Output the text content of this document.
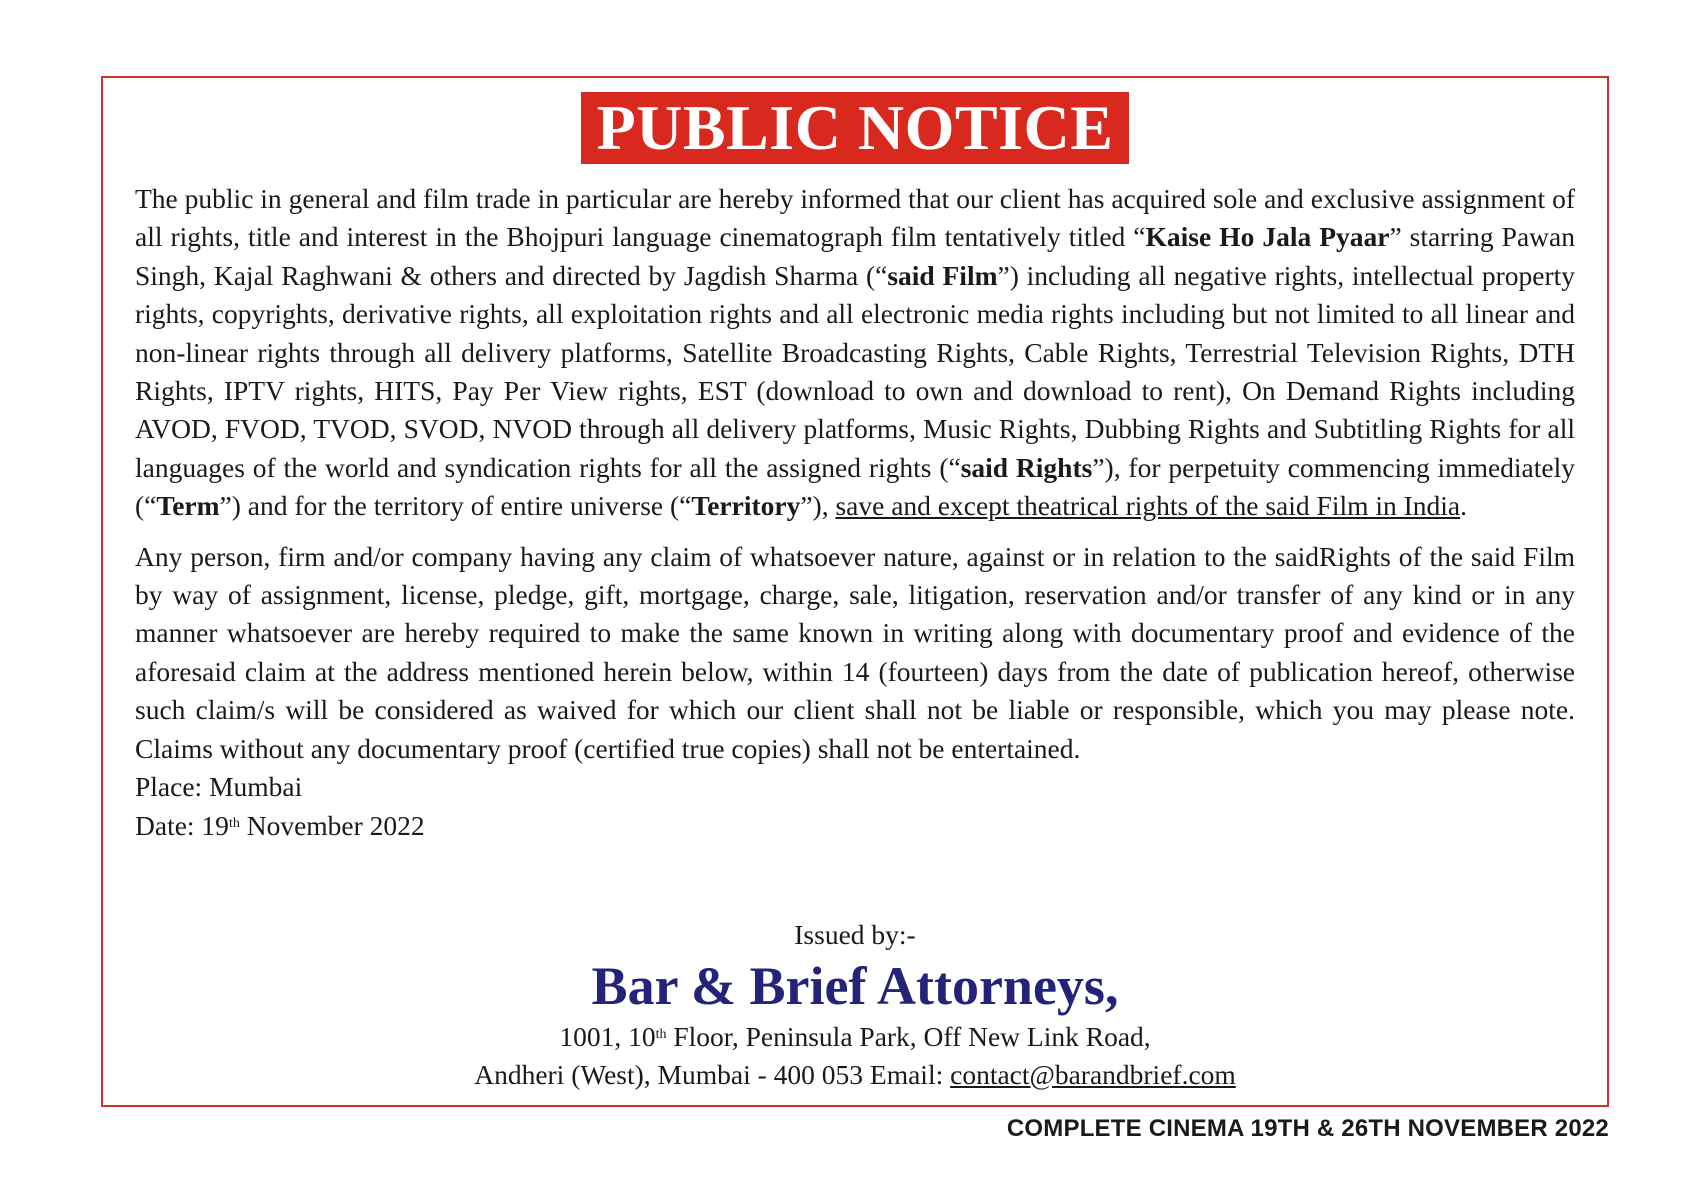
PUBLIC NOTICE

The public in general and film trade in particular are hereby informed that our client has acquired sole and exclusive assignment of all rights, title and interest in the Bhojpuri language cinematograph film tentatively titled “Kaise Ho Jala Pyaar” starring Pawan Singh, Kajal Raghwani & others and directed by Jagdish Sharma (“said Film”) including all negative rights, intellectual property rights, copyrights, derivative rights, all exploitation rights and all electronic media rights including but not limited to all linear and non-linear rights through all delivery platforms, Satellite Broadcasting Rights, Cable Rights, Terrestrial Television Rights, DTH Rights, IPTV rights, HITS, Pay Per View rights, EST (download to own and download to rent), On Demand Rights including AVOD, FVOD, TVOD, SVOD, NVOD through all delivery platforms, Music Rights, Dubbing Rights and Subtitling Rights for all languages of the world and syndication rights for all the assigned rights (“said Rights”), for perpetuity commencing immediately (“Term”) and for the territory of entire universe (“Territory”), save and except theatrical rights of the said Film in India.

Any person, firm and/or company having any claim of whatsoever nature, against or in relation to the saidRights of the said Film by way of assignment, license, pledge, gift, mortgage, charge, sale, litigation, reservation and/or transfer of any kind or in any manner whatsoever are hereby required to make the same known in writing along with documentary proof and evidence of the aforesaid claim at the address mentioned herein below, within 14 (fourteen) days from the date of publication hereof, otherwise such claim/s will be considered as waived for which our client shall not be liable or responsible, which you may please note. Claims without any documentary proof (certified true copies) shall not be entertained.

Place: Mumbai

Date: 19th November 2022

Issued by:-
Bar & Brief Attorneys,
1001, 10th Floor, Peninsula Park, Off New Link Road,
Andheri (West), Mumbai - 400 053 Email: contact@barandbrief.com
COMPLETE CINEMA 19TH & 26TH NOVEMBER 2022
